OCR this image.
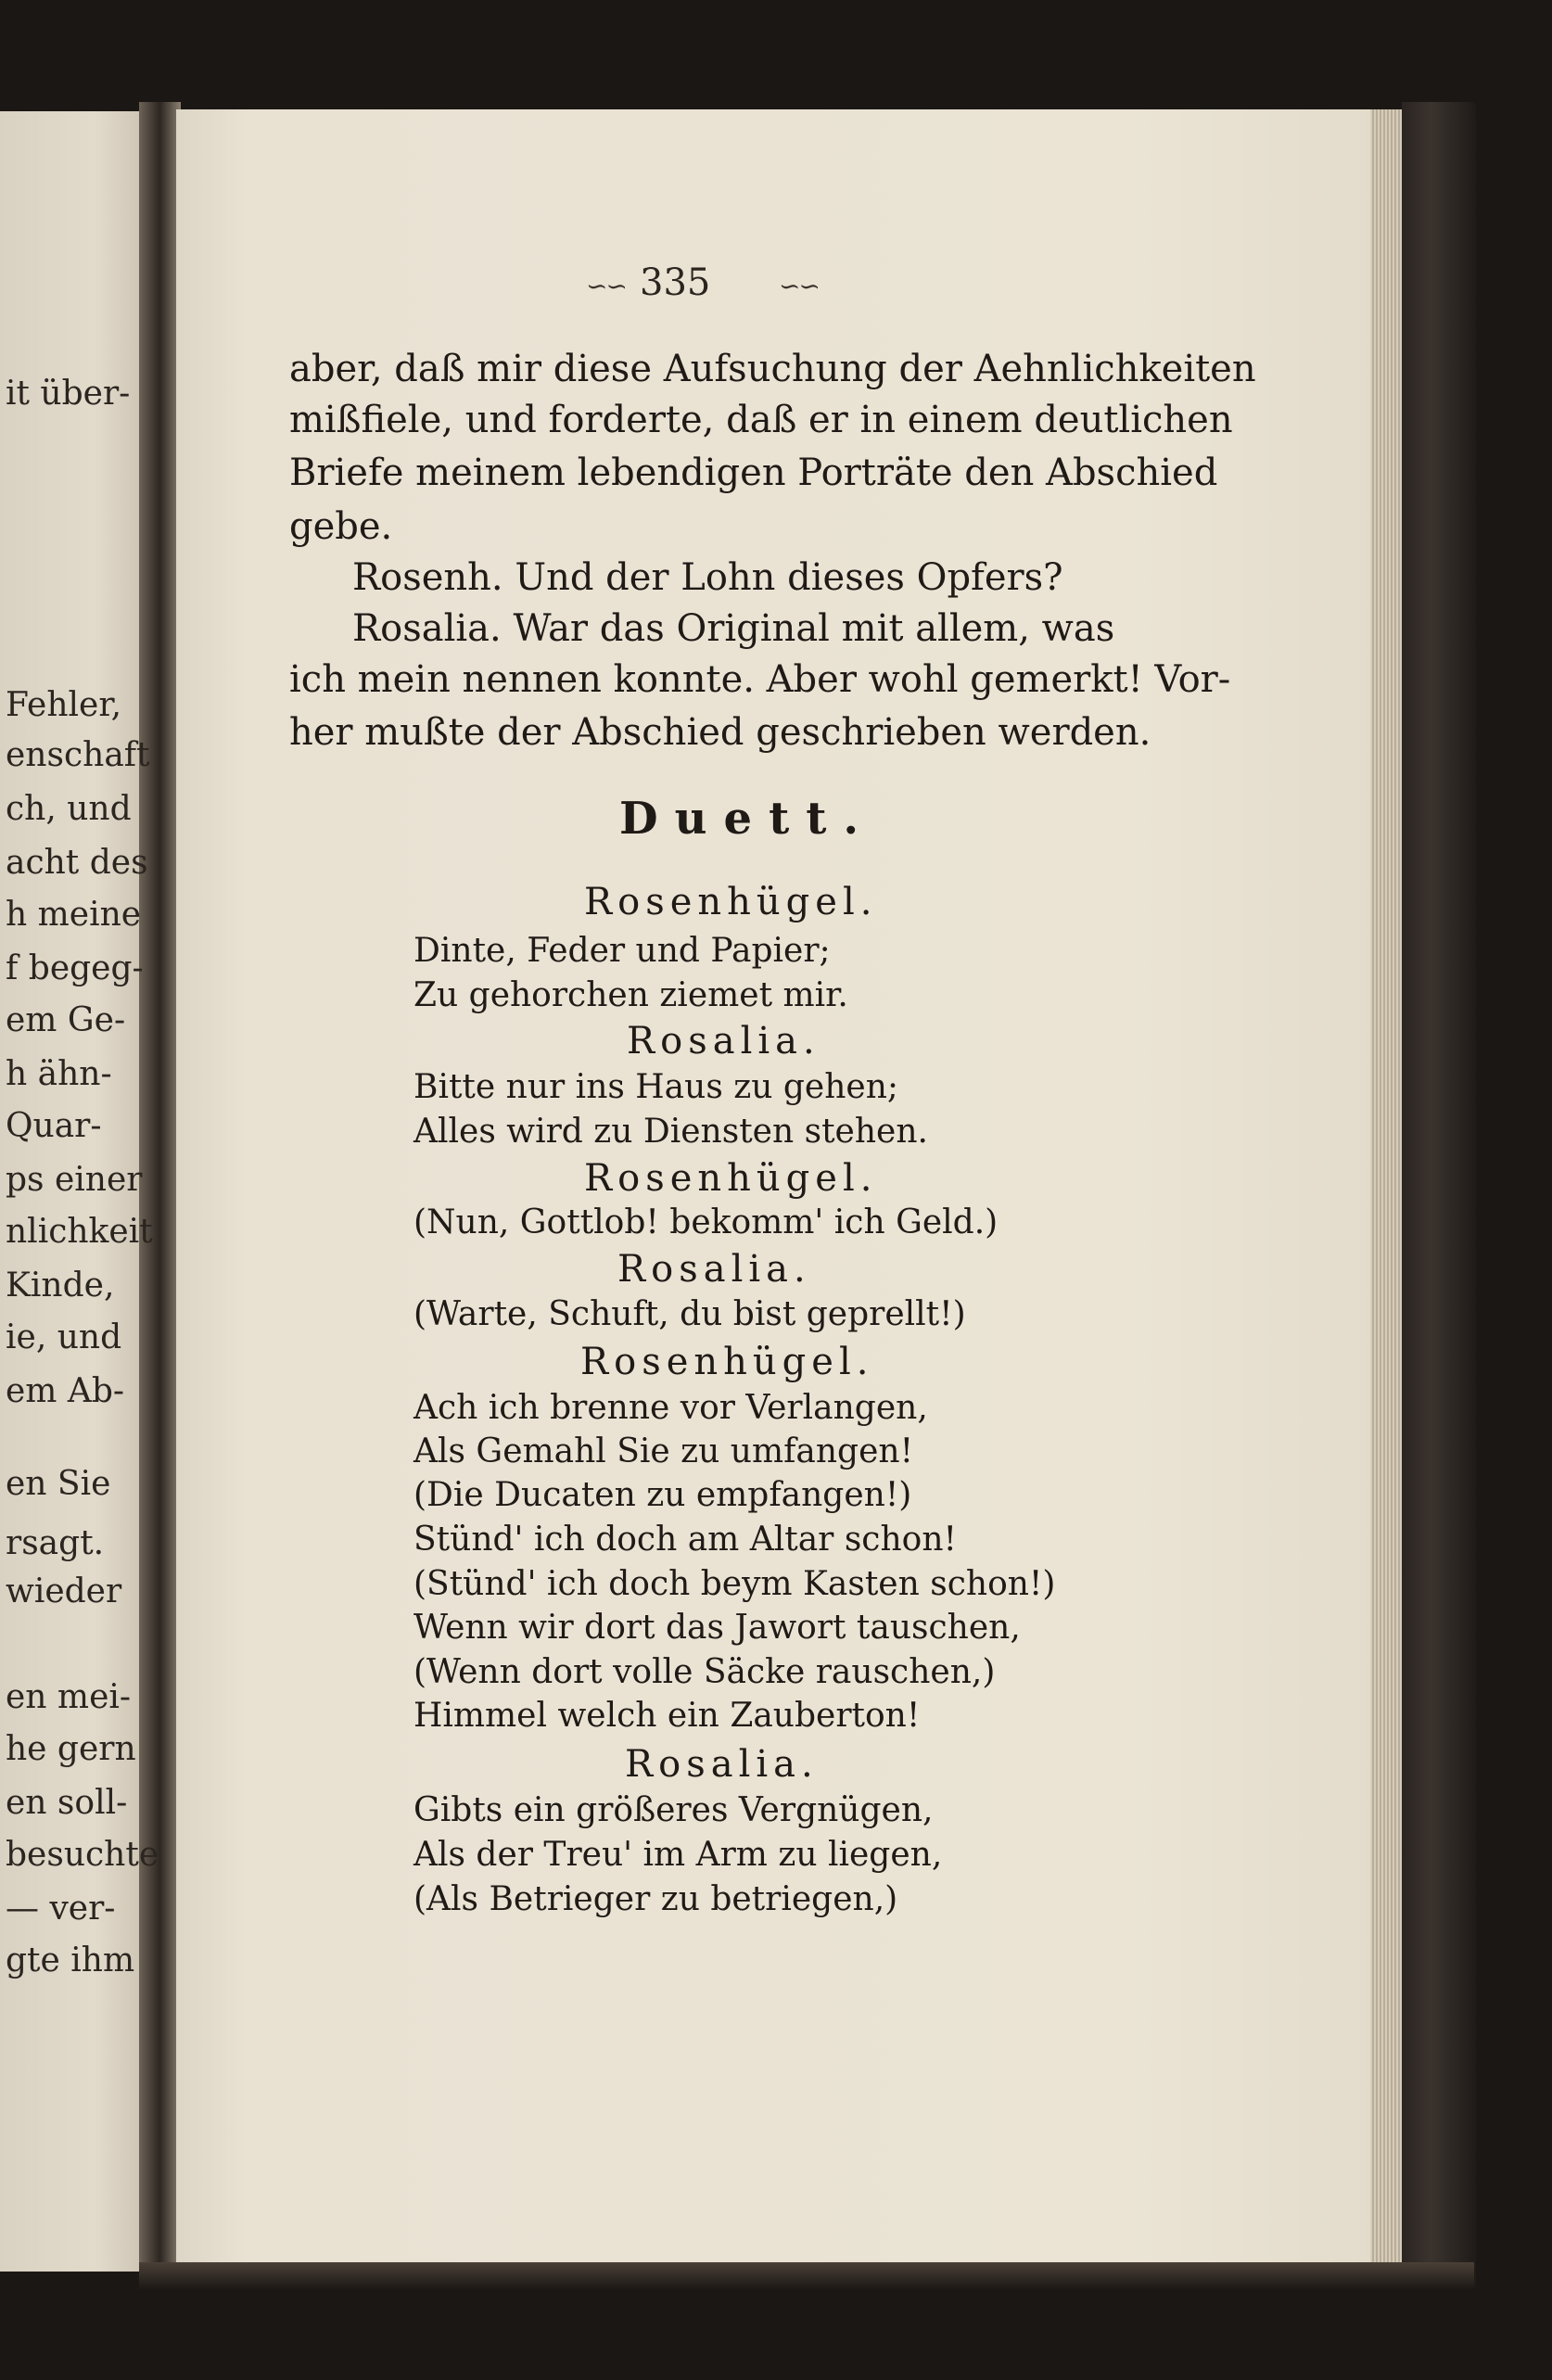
it über-
Fehler,
enschaft
ch, und
acht des
h meine
f begeg-
em Ge-
h ähn-
Quar-
ps einer
nlichkeit
Kinde,
ie, und
em Ab-
en Sie
rsagt.
wieder
en mei-
he gern
en soll-
besuchte
— ver-
gte ihm
∽∽ 335	∽∽
aber, daß mir diese Aufsuchung der Aehnlichkeiten
mißfiele, und forderte, daß er in einem deutlichen
Briefe meinem lebendigen Porträte den Abschied
gebe.
Rosenh. Und der Lohn dieses Opfers?
Rosalia. War das Original mit allem, was
ich mein nennen konnte. Aber wohl gemerkt! Vor-
her mußte der Abschied geschrieben werden.
Duett.
Rosenhügel.
Dinte, Feder und Papier;
Zu gehorchen ziemet mir.
Rosalia.
Bitte nur ins Haus zu gehen;
Alles wird zu Diensten stehen.
Rosenhügel.
(Nun, Gottlob! bekomm' ich Geld.)
Rosalia.
(Warte, Schuft, du bist geprellt!)
Rosenhügel.
Ach ich brenne vor Verlangen,
Als Gemahl Sie zu umfangen!
(Die Ducaten zu empfangen!)
Stünd' ich doch am Altar schon!
(Stünd' ich doch beym Kasten schon!)
Wenn wir dort das Jawort tauschen,
(Wenn dort volle Säcke rauschen,)
Himmel welch ein Zauberton!
Rosalia.
Gibts ein größeres Vergnügen,
Als der Treu' im Arm zu liegen,
(Als Betrieger zu betriegen,)
